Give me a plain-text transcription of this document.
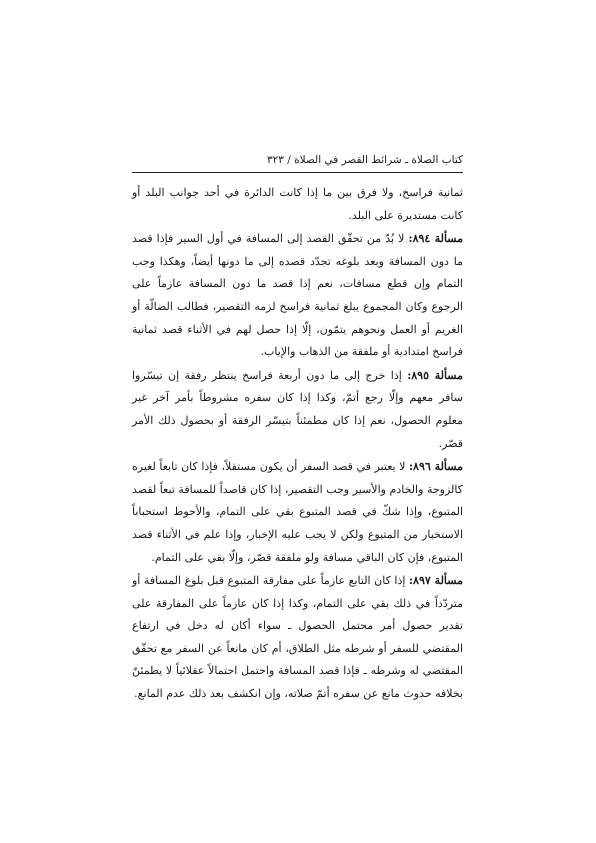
كتاب الصلاة ـ شرائط القصر في الصلاة / ٣٢٣

ثمانية فراسخ، ولا فرق بين ما إذا كانت الدائرة في أحد جوانب البلد أو كانت مستديرة على البلد.

مسألة ٨٩٤: لا بُدّ من تحقّق القصد إلى المسافة في أول السير فإذا قصد ما دون المسافة وبعد بلوغه تجدّد قصده إلى ما دونها أيضاً، وهكذا وجب التمام وإن قطع مسافات، نعم إذا قصد ما دون المسافة عازماً على الرجوع وكان المجموع يبلغ ثمانية فراسخ لزمه التقصير، فطالب الضالّة أو الغريم أو العمل ونحوهم يتمّون، إلّا إذا حصل لهم في الأثناء قصد ثمانية فراسخ امتدادية أو ملفقة من الذهاب والإياب.

مسألة ٨٩٥: إذا خرج إلى ما دون أربعة فراسخ ينتظر رفقة إن تيسّروا سافر معهم وإلّا رجع أتمّ، وكذا إذا كان سفره مشروطاً بأمر آخر غير معلوم الحصول، نعم إذا كان مطمئناً بتيسّر الرفقة أو بحصول ذلك الأمر قصّر.

مسألة ٨٩٦: لا يعتبر في قصد السفر أن يكون مستقلاً، فإذا كان تابعاً لغيره كالزوجة والخادم والأسير وجب التقصير، إذا كان قاصداً للمسافة تبعاً لقصد المتبوع، وإذا شكّ في قصد المتبوع بقي على التمام، والأحوط استحباباً الاستخبار من المتبوع ولكن لا يجب عليه الإخبار، وإذا علم في الأثناء قصد المتبوع، فإن كان الباقي مسافة ولو ملفقة قصّر، وإلّا بقي على التمام.

مسألة ٨٩٧: إذا كان التابع عازماً على مفارقة المتبوع قبل بلوغ المسافة أو متردّداً في ذلك بقي على التمام، وكذا إذا كان عازماً على المفارقة على تقدير حصول أمر محتمل الحصول ـ سواء أكان له دخل في ارتفاع المقتضي للسفر أو شرطه مثل الطلاق، أم كان مانعاً عن السفر مع تحقّق المقتضي له وشرطه ـ فإذا قصد المسافة واحتمل احتمالاً عقلائياً لا يطمئنّ بخلافه حدوث مانع عن سفره أتمّ صلاته، وإن انكشف بعد ذلك عدم المانع.
